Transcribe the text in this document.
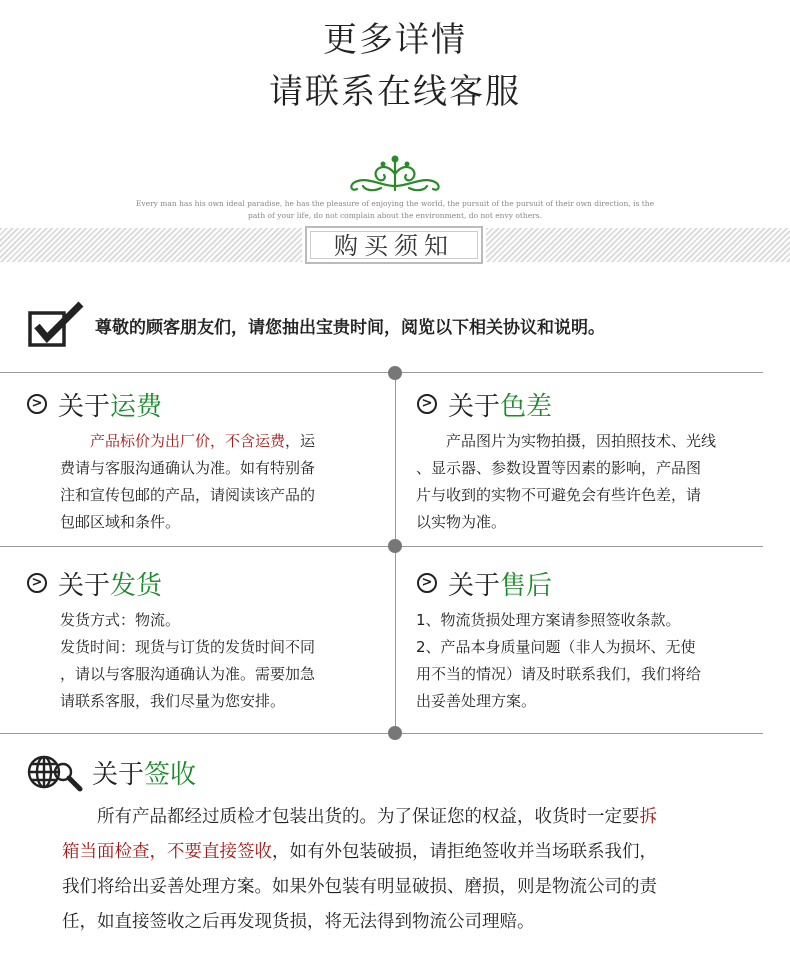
更多详情
请联系在线客服
Every man has his own ideal paradise, he has the pleasure of enjoying the world, the pursuit of the pursuit of their own direction, is the
path of your life, do not complain about the environment, do not envy others.
购买须知
尊敬的顾客朋友们，请您抽出宝贵时间，阅览以下相关协议和说明。
> 关于运费
　　产品标价为出厂价，不含运费，运
费请与客服沟通确认为准。如有特别备
注和宣传包邮的产品，请阅读该产品的
包邮区域和条件。
> 关于色差
　　产品图片为实物拍摄，因拍照技术、光线
、显示器、参数设置等因素的影响，产品图
片与收到的实物不可避免会有些许色差，请
以实物为准。
> 关于发货
发货方式：物流。
发货时间：现货与订货的发货时间不同
，请以与客服沟通确认为准。需要加急
请联系客服，我们尽量为您安排。
> 关于售后
1、物流货损处理方案请参照签收条款。
2、产品本身质量问题（非人为损坏、无使
用不当的情况）请及时联系我们，我们将给
出妥善处理方案。
关于签收
　　所有产品都经过质检才包装出货的。为了保证您的权益，收货时一定要拆
箱当面检查，不要直接签收，如有外包装破损，请拒绝签收并当场联系我们，
我们将给出妥善处理方案。如果外包装有明显破损、磨损，则是物流公司的责
任，如直接签收之后再发现货损，将无法得到物流公司理赔。
